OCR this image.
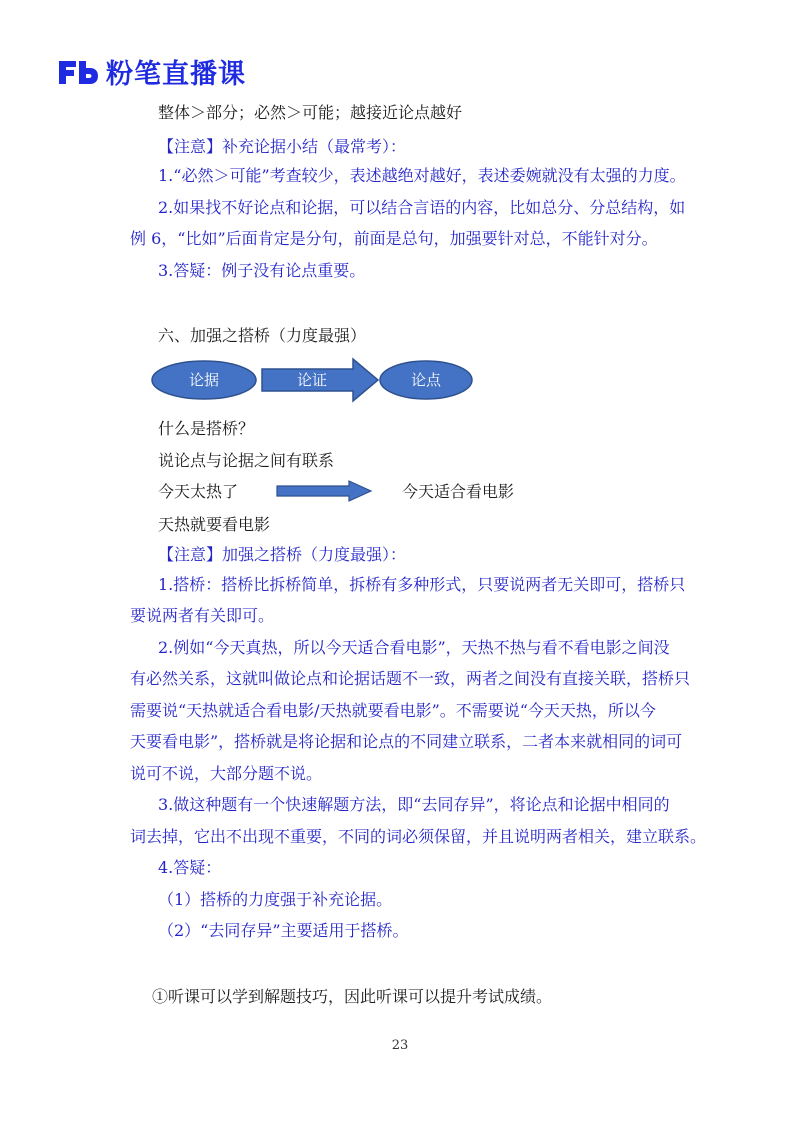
粉笔直播课
整体＞部分；必然＞可能；越接近论点越好
【注意】补充论据小结（最常考）：
1.“必然＞可能”考查较少，表述越绝对越好，表述委婉就没有太强的力度。
2.如果找不好论点和论据，可以结合言语的内容，比如总分、分总结构，如
例 6，“比如”后面肯定是分句，前面是总句，加强要针对总，不能针对分。
3.答疑：例子没有论点重要。
六、加强之搭桥（力度最强）
论据	论证	论点
什么是搭桥？
说论点与论据之间有联系
今天太热了	今天适合看电影
天热就要看电影
【注意】加强之搭桥（力度最强）：
1.搭桥：搭桥比拆桥简单，拆桥有多种形式，只要说两者无关即可，搭桥只
要说两者有关即可。
2.例如“今天真热，所以今天适合看电影”，天热不热与看不看电影之间没
有必然关系，这就叫做论点和论据话题不一致，两者之间没有直接关联，搭桥只
需要说“天热就适合看电影/天热就要看电影”。不需要说“今天天热，所以今
天要看电影”，搭桥就是将论据和论点的不同建立联系，二者本来就相同的词可
说可不说，大部分题不说。
3.做这种题有一个快速解题方法，即“去同存异”，将论点和论据中相同的
词去掉，它出不出现不重要，不同的词必须保留，并且说明两者相关，建立联系。
4.答疑：
（1）搭桥的力度强于补充论据。
（2）“去同存异”主要适用于搭桥。
①听课可以学到解题技巧，因此听课可以提升考试成绩。
23
